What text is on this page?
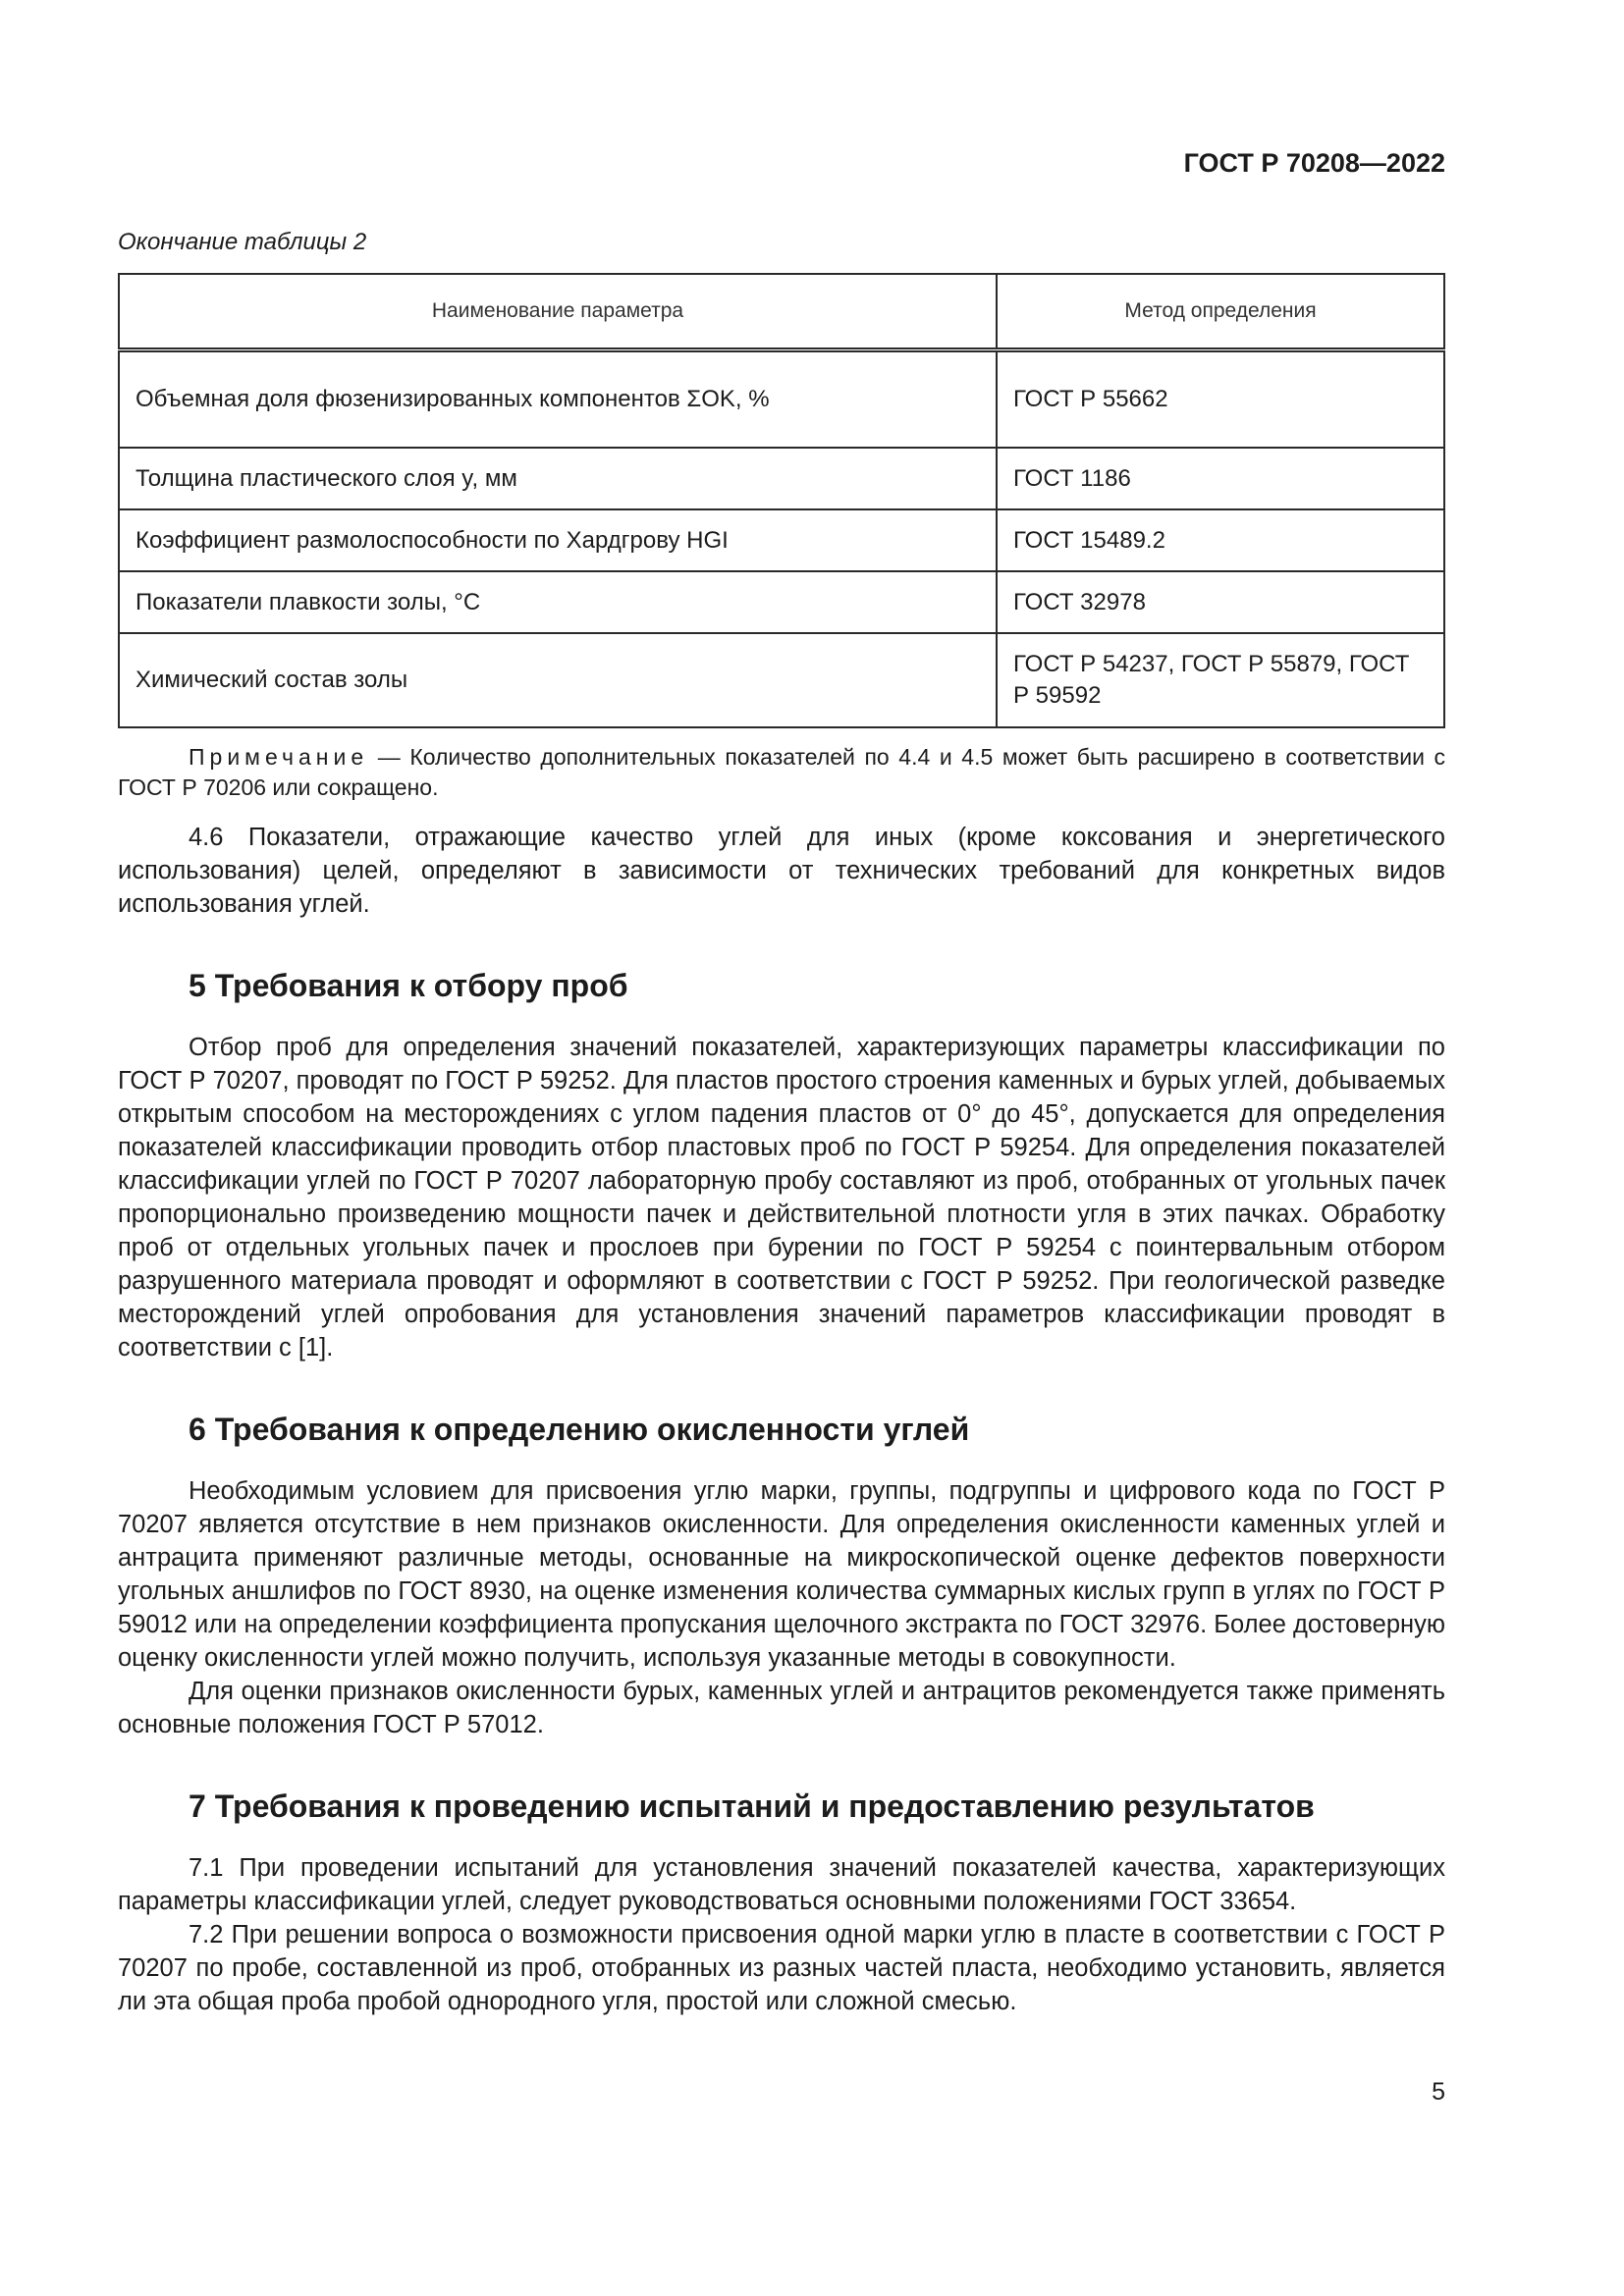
ГОСТ Р 70208—2022
Окончание таблицы 2
Наименование параметра	Метод определения
Объемная доля фюзенизированных компонентов ΣOK, %	ГОСТ Р 55662
Толщина пластического слоя y, мм	ГОСТ 1186
Коэффициент размолоспособности по Хардгрову HGI	ГОСТ 15489.2
Показатели плавкости золы, °C	ГОСТ 32978
Химический состав золы	ГОСТ Р 54237, ГОСТ Р 55879, ГОСТ Р 59592

Примечание — Количество дополнительных показателей по 4.4 и 4.5 может быть расширено в соответствии с ГОСТ Р 70206 или сокращено.

4.6 Показатели, отражающие качество углей для иных (кроме коксования и энергетического использования) целей, определяют в зависимости от технических требований для конкретных видов использования углей.

5 Требования к отбору проб

Отбор проб для определения значений показателей, характеризующих параметры классификации по ГОСТ Р 70207, проводят по ГОСТ Р 59252. Для пластов простого строения каменных и бурых углей, добываемых открытым способом на месторождениях с углом падения пластов от 0° до 45°, допускается для определения показателей классификации проводить отбор пластовых проб по ГОСТ Р 59254. Для определения показателей классификации углей по ГОСТ Р 70207 лабораторную пробу составляют из проб, отобранных от угольных пачек пропорционально произведению мощности пачек и действительной плотности угля в этих пачках. Обработку проб от отдельных угольных пачек и прослоев при бурении по ГОСТ Р 59254 с поинтервальным отбором разрушенного материала проводят и оформляют в соответствии с ГОСТ Р 59252. При геологической разведке месторождений углей опробования для установления значений параметров классификации проводят в соответствии с [1].

6 Требования к определению окисленности углей

Необходимым условием для присвоения углю марки, группы, подгруппы и цифрового кода по ГОСТ Р 70207 является отсутствие в нем признаков окисленности. Для определения окисленности каменных углей и антрацита применяют различные методы, основанные на микроскопической оценке дефектов поверхности угольных аншлифов по ГОСТ 8930, на оценке изменения количества суммарных кислых групп в углях по ГОСТ Р 59012 или на определении коэффициента пропускания щелочного экстракта по ГОСТ 32976. Более достоверную оценку окисленности углей можно получить, используя указанные методы в совокупности.

Для оценки признаков окисленности бурых, каменных углей и антрацитов рекомендуется также применять основные положения ГОСТ Р 57012.

7 Требования к проведению испытаний и предоставлению результатов

7.1 При проведении испытаний для установления значений показателей качества, характеризующих параметры классификации углей, следует руководствоваться основными положениями ГОСТ 33654.

7.2 При решении вопроса о возможности присвоения одной марки углю в пласте в соответствии с ГОСТ Р 70207 по пробе, составленной из проб, отобранных из разных частей пласта, необходимо установить, является ли эта общая проба пробой однородного угля, простой или сложной смесью.

5
